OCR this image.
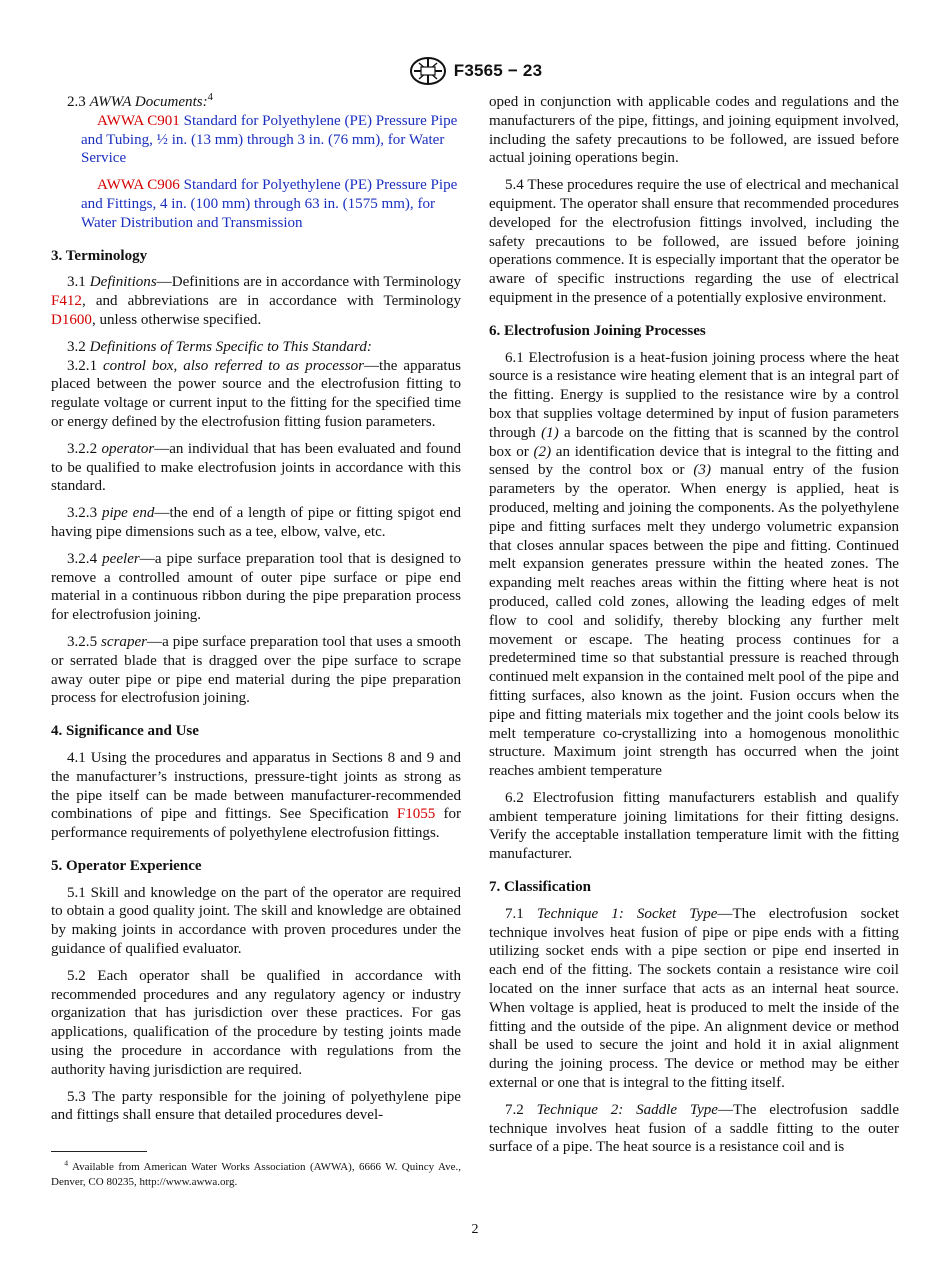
F3565 − 23

2.3 AWWA Documents:$^4$

AWWA C901 Standard for Polyethylene (PE) Pressure Pipe and Tubing, ½ in. (13 mm) through 3 in. (76 mm), for Water Service

AWWA C906 Standard for Polyethylene (PE) Pressure Pipe and Fittings, 4 in. (100 mm) through 63 in. (1575 mm), for Water Distribution and Transmission

3. Terminology

3.1 Definitions—Definitions are in accordance with Terminology F412, and abbreviations are in accordance with Terminology D1600, unless otherwise specified.

3.2 Definitions of Terms Specific to This Standard:

3.2.1 control box, also referred to as processor—the apparatus placed between the power source and the electrofusion fitting to regulate voltage or current input to the fitting for the specified time or energy defined by the electrofusion fitting fusion parameters.

3.2.2 operator—an individual that has been evaluated and found to be qualified to make electrofusion joints in accordance with this standard.

3.2.3 pipe end—the end of a length of pipe or fitting spigot end having pipe dimensions such as a tee, elbow, valve, etc.

3.2.4 peeler—a pipe surface preparation tool that is designed to remove a controlled amount of outer pipe surface or pipe end material in a continuous ribbon during the pipe preparation process for electrofusion joining.

3.2.5 scraper—a pipe surface preparation tool that uses a smooth or serrated blade that is dragged over the pipe surface to scrape away outer pipe or pipe end material during the pipe preparation process for electrofusion joining.

4. Significance and Use

4.1 Using the procedures and apparatus in Sections 8 and 9 and the manufacturer’s instructions, pressure-tight joints as strong as the pipe itself can be made between manufacturer-recommended combinations of pipe and fittings. See Specification F1055 for performance requirements of polyethylene electrofusion fittings.

5. Operator Experience

5.1 Skill and knowledge on the part of the operator are required to obtain a good quality joint. The skill and knowledge are obtained by making joints in accordance with proven procedures under the guidance of qualified evaluator.

5.2 Each operator shall be qualified in accordance with recommended procedures and any regulatory agency or industry organization that has jurisdiction over these practices. For gas applications, qualification of the procedure by testing joints made using the procedure in accordance with regulations from the authority having jurisdiction are required.

5.3 The party responsible for the joining of polyethylene pipe and fittings shall ensure that detailed procedures devel-

oped in conjunction with applicable codes and regulations and the manufacturers of the pipe, fittings, and joining equipment involved, including the safety precautions to be followed, are issued before actual joining operations begin.

5.4 These procedures require the use of electrical and mechanical equipment. The operator shall ensure that recommended procedures developed for the electrofusion fittings involved, including the safety precautions to be followed, are issued before joining operations commence. It is especially important that the operator be aware of specific instructions regarding the use of electrical equipment in the presence of a potentially explosive environment.

6. Electrofusion Joining Processes

6.1 Electrofusion is a heat-fusion joining process where the heat source is a resistance wire heating element that is an integral part of the fitting. Energy is supplied to the resistance wire by a control box that supplies voltage determined by input of fusion parameters through (1) a barcode on the fitting that is scanned by the control box or (2) an identification device that is integral to the fitting and sensed by the control box or (3) manual entry of the fusion parameters by the operator. When energy is applied, heat is produced, melting and joining the components. As the polyethylene pipe and fitting surfaces melt they undergo volumetric expansion that closes annular spaces between the pipe and fitting. Continued melt expansion generates pressure within the heated zones. The expanding melt reaches areas within the fitting where heat is not produced, called cold zones, allowing the leading edges of melt flow to cool and solidify, thereby blocking any further melt movement or escape. The heating process continues for a predetermined time so that substantial pressure is reached through continued melt expansion in the contained melt pool of the pipe and fitting surfaces, also known as the joint. Fusion occurs when the pipe and fitting materials mix together and the joint cools below its melt temperature co-crystallizing into a homogenous monolithic structure. Maximum joint strength has occurred when the joint reaches ambient temperature

6.2 Electrofusion fitting manufacturers establish and qualify ambient temperature joining limitations for their fitting designs. Verify the acceptable installation temperature limit with the fitting manufacturer.

7. Classification

7.1 Technique 1: Socket Type—The electrofusion socket technique involves heat fusion of pipe or pipe ends with a fitting utilizing socket ends with a pipe section or pipe end inserted in each end of the fitting. The sockets contain a resistance wire coil located on the inner surface that acts as an internal heat source. When voltage is applied, heat is produced to melt the inside of the fitting and the outside of the pipe. An alignment device or method shall be used to secure the joint and hold it in axial alignment during the joining process. The device or method may be either external or one that is integral to the fitting itself.

7.2 Technique 2: Saddle Type—The electrofusion saddle technique involves heat fusion of a saddle fitting to the outer surface of a pipe. The heat source is a resistance coil and is

$^4$ Available from American Water Works Association (AWWA), 6666 W. Quincy Ave., Denver, CO 80235, http://www.awwa.org.
2
